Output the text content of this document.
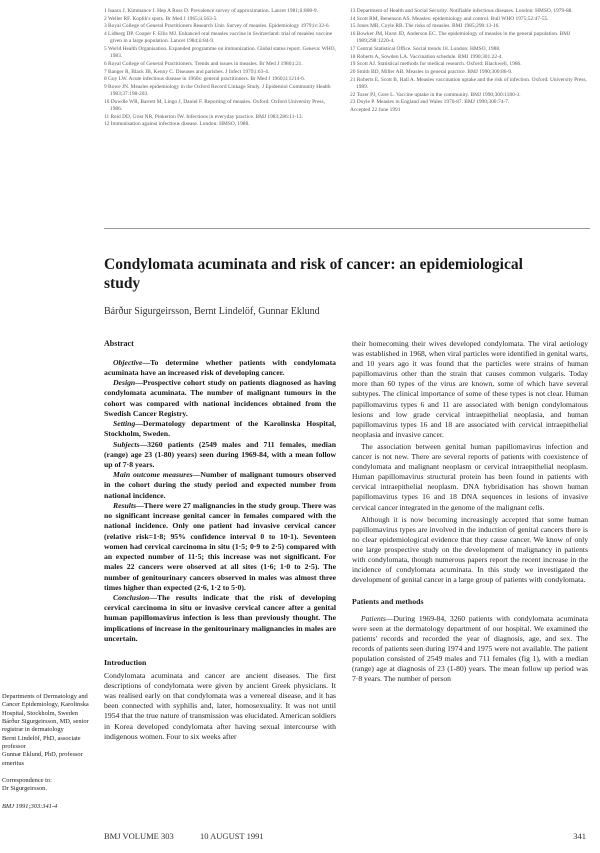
1 Isaacs J, Kimmance J. Hep A Ross D. Prevalence survey of approximation. Lancet 1981;ii:808-9.
2 Weller RF. Koplik's spots. Br Med J 1965;ii:563-5.
3 Royal College of General Practitioners Research Unit. Survey of measles. Epidemiology 1979;iv:32-6.
4 Lidberg DP. Cooper F. Ellis MJ. Enhanced oral measles vaccine in Switzerland: trial of measles vaccine given in a large population. Lancet 1984;ii:84-9.
5 World Health Organisation. Expanded programme on immunization. Global status report. Geneva: WHO, 1983.
6 Royal College of General Practitioners. Trends and issues in measles. Br Med J 1980;i:21.
7 Banger R, Black JB, Kenny C. Diseases and parishes. J Infect 1979;i:63-4.
8 Guy LW. Acute infectious disease in 1960s: general practitioners. Br Med J 1960;ii:1214-6.
9 Rowe JN. Measles epidemiology in the Oxford Record Linkage Study. J Epidemiol Community Health 1983;37:198-203.
10 Dowdle WR, Barrett M, Lingo J, Daniel F. Reporting of measles. Oxford: Oxford University Press, 1986.
11 Reid DD, Grist NR, Pinkerton IW. Infections in everyday practice. BMJ 1983;286:11-13.
12 Immunisation against infectious disease. London: HMSO, 1988.
13 Department of Health and Social Security. Notifiable infectious diseases. London: HMSO, 1979-88.
14 Scott RM, Benenson AS. Measles: epidemiology and control. Bull WHO 1975;52:47-55.
15 Jones MB, Coyle RB. The risks of measles. BMJ 1985;290:13-16.
16 Bowker JM, Hurst JD, Anderson EC. The epidemiology of measles in the general population. BMJ 1989;298:1220-4.
17 Central Statistical Office. Social trends 18. London: HMSO, 1988.
18 Roberts A, Sowden LA. Vaccination schedule. BMJ 1990;301:22-4.
19 Scott AJ. Statistical methods for medical research. Oxford: Blackwell, 1986.
20 Smith BD, Miller AB. Measles in general practice. BMJ 1990;300:86-9.
21 Roberts E, Scott B, Hall A. Measles vaccination uptake and the risk of infection. Oxford: University Press, 1989.
22 Tozer PJ, Gore L. Vaccine uptake in the community. BMJ 1990;300:1180-3.
23 Doyle P. Measles in England and Wales 1970-87. BMJ 1990;300:74-7.
Accepted 22 June 1991
Condylomata acuminata and risk of cancer: an epidemiological study

Bárður Sigurgeirsson, Bernt Lindelöf, Gunnar Eklund

Abstract

Objective—To determine whether patients with condylomata acuminata have an increased risk of developing cancer.

Design—Prospective cohort study on patients diagnosed as having condylomata acuminata. The number of malignant tumours in the cohort was compared with national incidences obtained from the Swedish Cancer Registry.

Setting—Dermatology department of the Karolinska Hospital, Stockholm, Sweden.

Subjects—3260 patients (2549 males and 711 females, median (range) age 23 (1-80) years) seen during 1969-84, with a mean follow up of 7·8 years.

Main outcome measures—Number of malignant tumours observed in the cohort during the study period and expected number from national incidence.

Results—There were 27 malignancies in the study group. There was no significant increase genital cancer in females compared with the national incidence. Only one patient had invasive cervical cancer (relative risk=1·8; 95% confidence interval 0 to 10·1). Seventeen women had cervical carcinoma in situ (1·5; 0·9 to 2·5) compared with an expected number of 11·5; this increase was not significant. For males 22 cancers were observed at all sites (1·6; 1·0 to 2·5). The number of genitourinary cancers observed in males was almost three times higher than expected (2·6, 1·2 to 5·0).

Conclusion—The results indicate that the risk of developing cervical carcinoma in situ or invasive cervical cancer after a genital human papillomavirus infection is less than previously thought. The implications of increase in the genitourinary malignancies in males are uncertain.

Introduction

Condylomata acuminata and cancer are ancient diseases. The first descriptions of condylomata were given by ancient Greek physicians. It was realised early on that condylomata was a venereal disease, and it has been connected with syphilis and, later, homosexuality. It was not until 1954 that the true nature of transmission was elucidated. American soldiers in Korea developed condylomata after having sexual intercourse with indigenous women. Four to six weeks after

their homecoming their wives developed condylomata. The viral aetiology was established in 1968, when viral particles were identified in genital warts, and 10 years ago it was found that the particles were strains of human papillomavirus other than the strain that causes common vulgaris. Today more than 60 types of the virus are known, some of which have several subtypes. The clinical importance of some of these types is not clear. Human papillomavirus types 6 and 11 are associated with benign condylomatous lesions and low grade cervical intraepithelial neoplasia, and human papillomavirus types 16 and 18 are associated with cervical intraepithelial neoplasia and invasive cancer.

The association between genital human papillomavirus infection and cancer is not new. There are several reports of patients with coexistence of condylomata and malignant neoplasm or cervical intraepithelial neoplasm. Human papillomavirus structural protein has been found in patients with cervical intraepithelial neoplasm. DNA hybridisation has shown human papillomavirus types 16 and 18 DNA sequences in lesions of invasive cervical cancer integrated in the genome of the malignant cells.

Although it is now becoming increasingly accepted that some human papillomavirus types are involved in the induction of genital cancers there is no clear epidemiological evidence that they cause cancer. We know of only one large prospective study on the development of malignancy in patients with condylomata, though numerous papers report the recent increase in the incidence of condylomata acuminata. In this study we investigated the development of genital cancer in a large group of patients with condylomata.

Patients and methods

Patients—During 1969-84, 3260 patients with condylomata acuminata were seen at the dermatology department of our hospital. We examined the patients' records and recorded the year of diagnosis, age, and sex. The records of patients seen during 1974 and 1975 were not available. The patient population consisted of 2549 males and 711 females (fig 1), with a median (range) age at diagnosis of 23 (1-80) years. The mean follow up period was 7·8 years. The number of person

Departments of Dermatology and Cancer Epidemiology, Karolinska Hospital, Stockholm, Sweden

Bárður Sigurgeirsson, MD, senior registrar in dermatology
Bernt Lindelöf, PhD, associate professor
Gunnar Eklund, PhD, professor emeritus

Correspondence to:
Dr Sigurgeirsson.

BMJ 1991;303:341-4

BMJ VOLUME 303	10 AUGUST 1991	341
